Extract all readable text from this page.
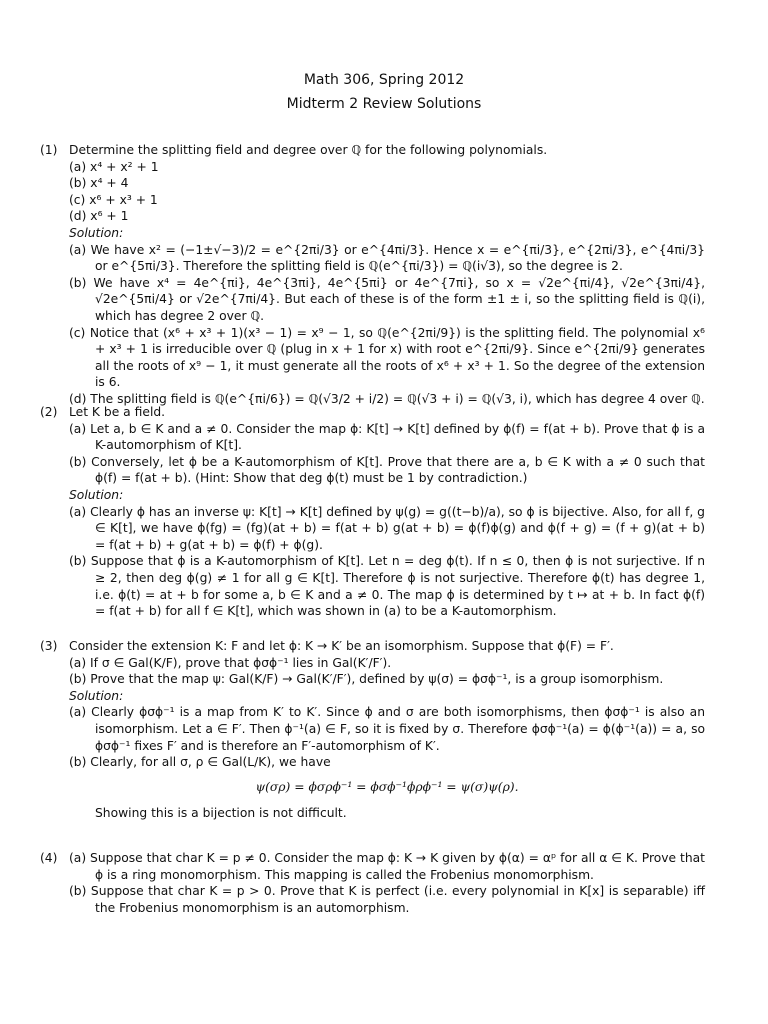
Math 306, Spring 2012
Midterm 2 Review Solutions
(1) Determine the splitting field and degree over ℚ for the following polynomials.
(a) x⁴ + x² + 1
(b) x⁴ + 4
(c) x⁶ + x³ + 1
(d) x⁶ + 1
Solution:
(a) We have x² = (−1±√−3)/2 = e^{2πi/3} or e^{4πi/3}. Hence x = e^{πi/3}, e^{2πi/3}, e^{4πi/3} or e^{5πi/3}. Therefore the splitting field is ℚ(e^{πi/3}) = ℚ(i√3), so the degree is 2.
(b) We have x⁴ = 4e^{πi}, 4e^{3πi}, 4e^{5πi} or 4e^{7πi}, so x = √2e^{πi/4}, √2e^{3πi/4}, √2e^{5πi/4} or √2e^{7πi/4}. But each of these is of the form ±1 ± i, so the splitting field is ℚ(i), which has degree 2 over ℚ.
(c) Notice that (x⁶ + x³ + 1)(x³ − 1) = x⁹ − 1, so ℚ(e^{2πi/9}) is the splitting field. The polynomial x⁶ + x³ + 1 is irreducible over ℚ (plug in x + 1 for x) with root e^{2πi/9}. Since e^{2πi/9} generates all the roots of x⁹ − 1, it must generate all the roots of x⁶ + x³ + 1. So the degree of the extension is 6.
(d) The splitting field is ℚ(e^{πi/6}) = ℚ(√3/2 + i/2) = ℚ(√3 + i) = ℚ(√3, i), which has degree 4 over ℚ.
(2) Let K be a field.
(a) Let a, b ∈ K and a ≠ 0. Consider the map ϕ: K[t] → K[t] defined by ϕ(f) = f(at + b). Prove that ϕ is a K-automorphism of K[t].
(b) Conversely, let ϕ be a K-automorphism of K[t]. Prove that there are a, b ∈ K with a ≠ 0 such that ϕ(f) = f(at + b). (Hint: Show that deg ϕ(t) must be 1 by contradiction.)
Solution:
(a) Clearly ϕ has an inverse ψ: K[t] → K[t] defined by ψ(g) = g((t−b)/a), so ϕ is bijective. Also, for all f, g ∈ K[t], we have ϕ(fg) = (fg)(at + b) = f(at + b) g(at + b) = ϕ(f)ϕ(g) and ϕ(f + g) = (f + g)(at + b) = f(at + b) + g(at + b) = ϕ(f) + ϕ(g).
(b) Suppose that ϕ is a K-automorphism of K[t]. Let n = deg ϕ(t). If n ≤ 0, then ϕ is not surjective. If n ≥ 2, then deg ϕ(g) ≠ 1 for all g ∈ K[t]. Therefore ϕ is not surjective. Therefore ϕ(t) has degree 1, i.e. ϕ(t) = at + b for some a, b ∈ K and a ≠ 0. The map ϕ is determined by t ↦ at + b. In fact ϕ(f) = f(at + b) for all f ∈ K[t], which was shown in (a) to be a K-automorphism.
(3) Consider the extension K: F and let ϕ: K → K′ be an isomorphism. Suppose that ϕ(F) = F′.
(a) If σ ∈ Gal(K/F), prove that ϕσϕ⁻¹ lies in Gal(K′/F′).
(b) Prove that the map ψ: Gal(K/F) → Gal(K′/F′), defined by ψ(σ) = ϕσϕ⁻¹, is a group isomorphism.
Solution:
(a) Clearly ϕσϕ⁻¹ is a map from K′ to K′. Since ϕ and σ are both isomorphisms, then ϕσϕ⁻¹ is also an isomorphism. Let a ∈ F′. Then ϕ⁻¹(a) ∈ F, so it is fixed by σ. Therefore ϕσϕ⁻¹(a) = ϕ(ϕ⁻¹(a)) = a, so ϕσϕ⁻¹ fixes F′ and is therefore an F′-automorphism of K′.
(b) Clearly, for all σ, ρ ∈ Gal(L/K), we have
ψ(σρ) = ϕσρϕ⁻¹ = ϕσϕ⁻¹ϕρϕ⁻¹ = ψ(σ)ψ(ρ).
Showing this is a bijection is not difficult.
(4) (a) Suppose that char K = p ≠ 0. Consider the map ϕ: K → K given by ϕ(α) = αᵖ for all α ∈ K. Prove that ϕ is a ring monomorphism. This mapping is called the Frobenius monomorphism.
(b) Suppose that char K = p > 0. Prove that K is perfect (i.e. every polynomial in K[x] is separable) iff the Frobenius monomorphism is an automorphism.
